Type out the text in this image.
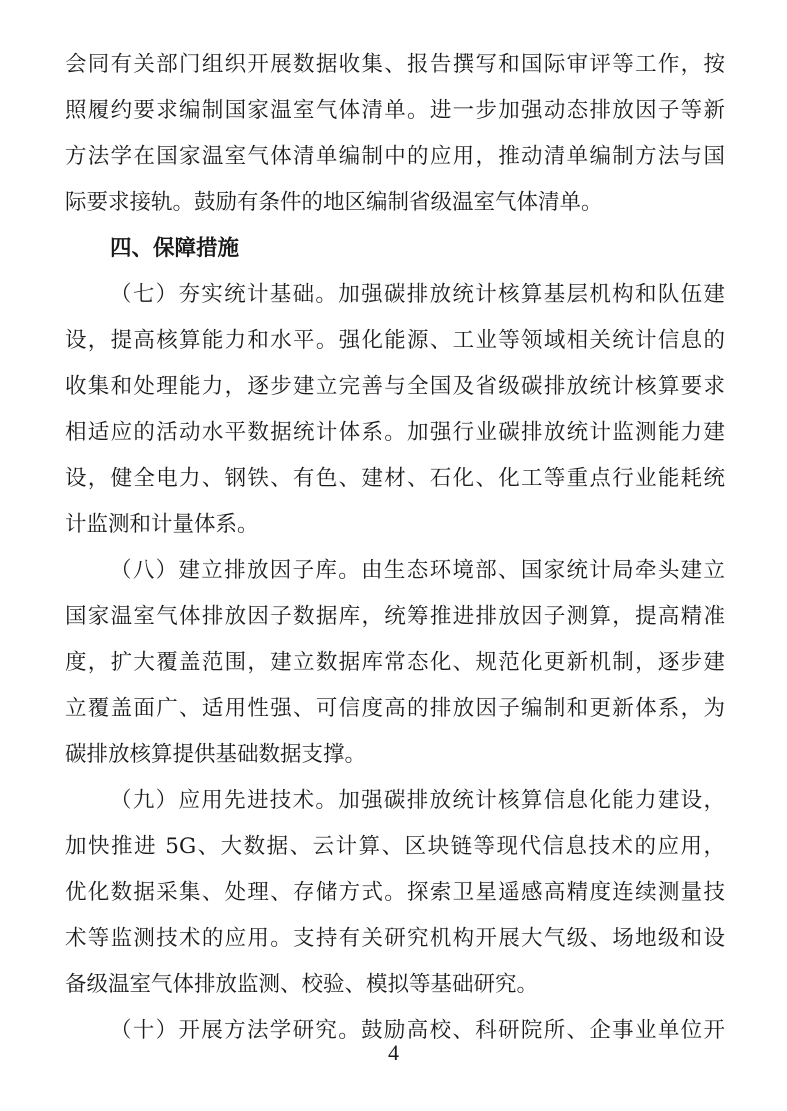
会同有关部门组织开展数据收集、报告撰写和国际审评等工作，按
照履约要求编制国家温室气体清单。进一步加强动态排放因子等新
方法学在国家温室气体清单编制中的应用，推动清单编制方法与国
际要求接轨。鼓励有条件的地区编制省级温室气体清单。
四、保障措施
（七）夯实统计基础。加强碳排放统计核算基层机构和队伍建
设，提高核算能力和水平。强化能源、工业等领域相关统计信息的
收集和处理能力，逐步建立完善与全国及省级碳排放统计核算要求
相适应的活动水平数据统计体系。加强行业碳排放统计监测能力建
设，健全电力、钢铁、有色、建材、石化、化工等重点行业能耗统
计监测和计量体系。
（八）建立排放因子库。由生态环境部、国家统计局牵头建立
国家温室气体排放因子数据库，统筹推进排放因子测算，提高精准
度，扩大覆盖范围，建立数据库常态化、规范化更新机制，逐步建
立覆盖面广、适用性强、可信度高的排放因子编制和更新体系，为
碳排放核算提供基础数据支撑。
（九）应用先进技术。加强碳排放统计核算信息化能力建设，
加快推进 5G、大数据、云计算、区块链等现代信息技术的应用，
优化数据采集、处理、存储方式。探索卫星遥感高精度连续测量技
术等监测技术的应用。支持有关研究机构开展大气级、场地级和设
备级温室气体排放监测、校验、模拟等基础研究。
（十）开展方法学研究。鼓励高校、科研院所、企事业单位开
4
